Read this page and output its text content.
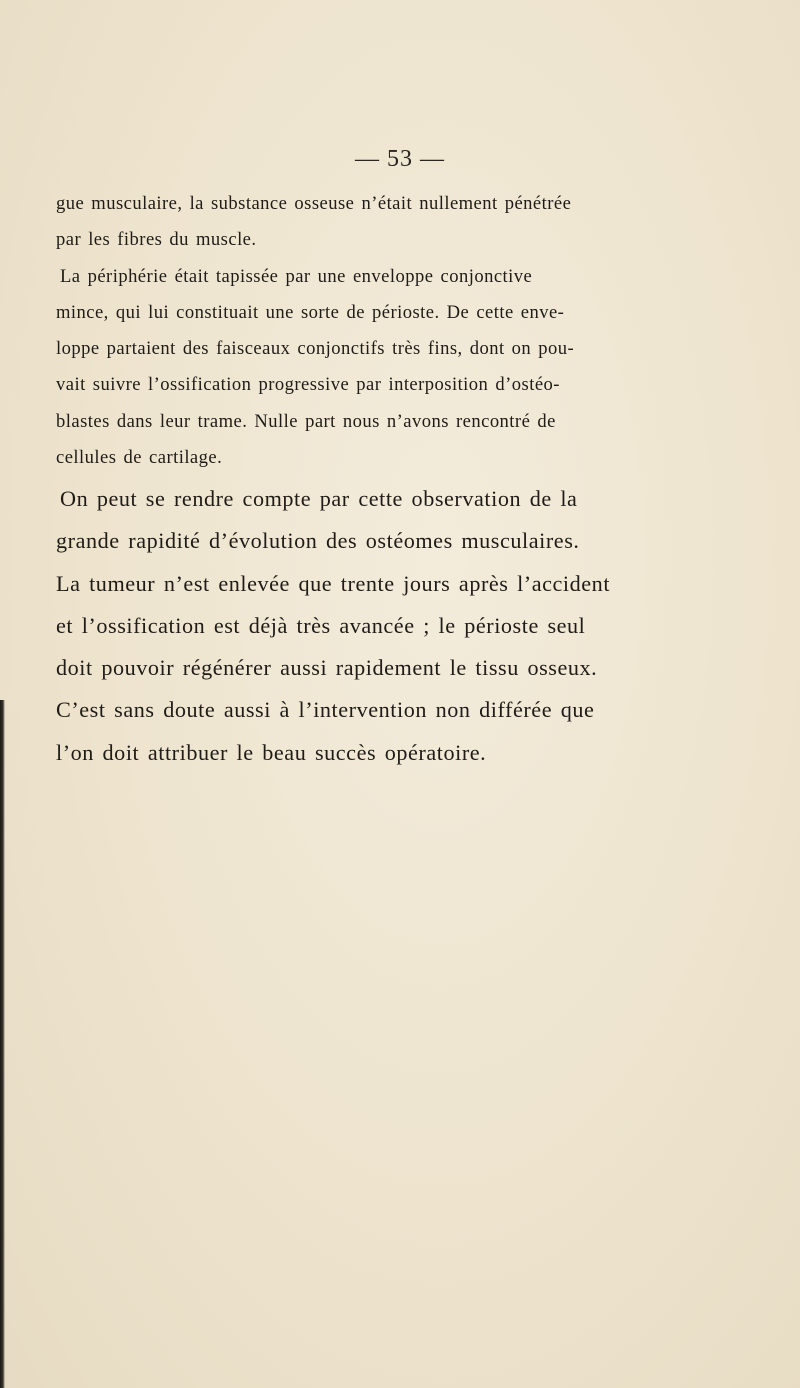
— 53 —

gue musculaire, la substance osseuse n’était nullement pénétrée
par les fibres du muscle.

La périphérie était tapissée par une enveloppe conjonctive
mince, qui lui constituait une sorte de périoste. De cette enve-
loppe partaient des faisceaux conjonctifs très fins, dont on pou-
vait suivre l’ossification progressive par interposition d’ostéo-
blastes dans leur trame. Nulle part nous n’avons rencontré de
cellules de cartilage.

On peut se rendre compte par cette observation de la
grande rapidité d’évolution des ostéomes musculaires.
La tumeur n’est enlevée que trente jours après l’accident
et l’ossification est déjà très avancée ; le périoste seul
doit pouvoir régénérer aussi rapidement le tissu osseux.
C’est sans doute aussi à l’intervention non différée que
l’on doit attribuer le beau succès opératoire.
